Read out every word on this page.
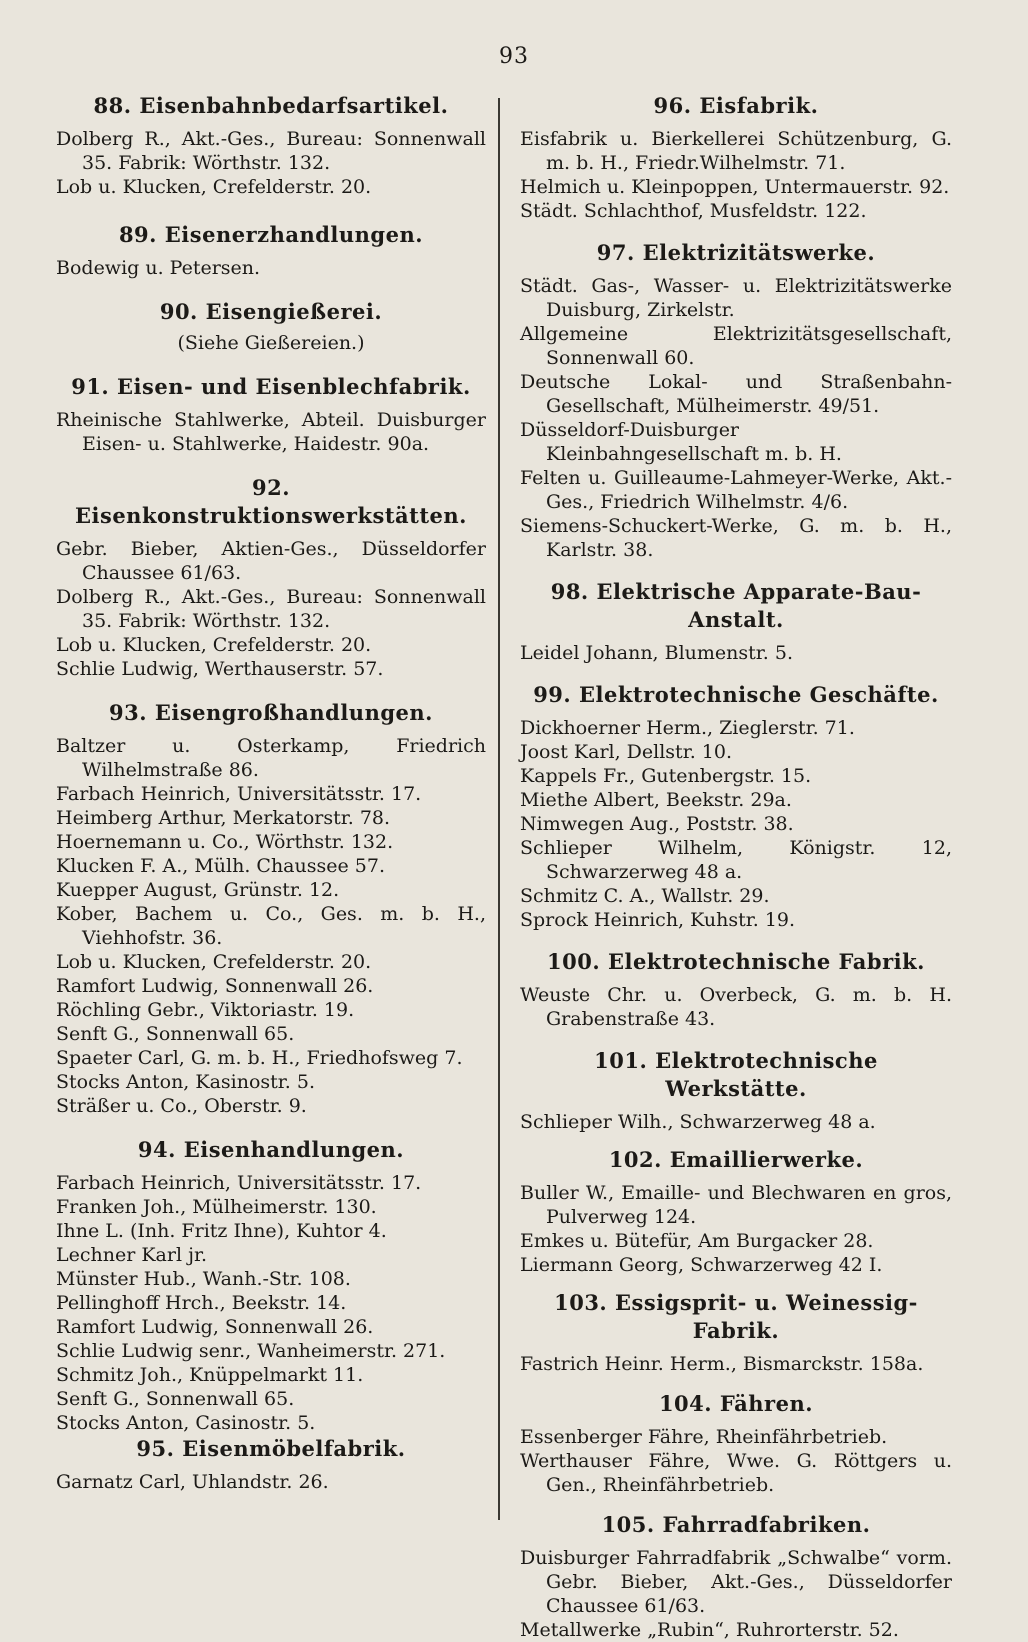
93
88. Eisenbahnbedarfsartikel.
Dolberg R., Akt.-Ges., Bureau: Sonnenwall 35. Fabrik: Wörthstr. 132.
Lob u. Klucken, Crefelderstr. 20.
89. Eisenerzhandlungen.
Bodewig u. Petersen.
90. Eisengießerei.
(Siehe Gießereien.)
91. Eisen- und Eisenblechfabrik.
Rheinische Stahlwerke, Abteil. Duisburger Eisen- u. Stahlwerke, Haidestr. 90a.
92. Eisenkonstruktionswerkstätten.
Gebr. Bieber, Aktien-Ges., Düsseldorfer Chaussee 61/63.
Dolberg R., Akt.-Ges., Bureau: Sonnenwall 35. Fabrik: Wörthstr. 132.
Lob u. Klucken, Crefelderstr. 20.
Schlie Ludwig, Werthauserstr. 57.
93. Eisengroßhandlungen.
Baltzer u. Osterkamp, Friedrich Wilhelmstraße 86.
Farbach Heinrich, Universitätsstr. 17.
Heimberg Arthur, Merkatorstr. 78.
Hoernemann u. Co., Wörthstr. 132.
Klucken F. A., Mülh. Chaussee 57.
Kuepper August, Grünstr. 12.
Kober, Bachem u. Co., Ges. m. b. H., Viehhofstr. 36.
Lob u. Klucken, Crefelderstr. 20.
Ramfort Ludwig, Sonnenwall 26.
Röchling Gebr., Viktoriastr. 19.
Senft G., Sonnenwall 65.
Spaeter Carl, G. m. b. H., Friedhofsweg 7.
Stocks Anton, Kasinostr. 5.
Sträßer u. Co., Oberstr. 9.
94. Eisenhandlungen.
Farbach Heinrich, Universitätsstr. 17.
Franken Joh., Mülheimerstr. 130.
Ihne L. (Inh. Fritz Ihne), Kuhtor 4.
Lechner Karl jr.
Münster Hub., Wanh.-Str. 108.
Pellinghoff Hrch., Beekstr. 14.
Ramfort Ludwig, Sonnenwall 26.
Schlie Ludwig senr., Wanheimerstr. 271.
Schmitz Joh., Knüppelmarkt 11.
Senft G., Sonnenwall 65.
Stocks Anton, Casinostr. 5.
95. Eisenmöbelfabrik.
Garnatz Carl, Uhlandstr. 26.
96. Eisfabrik.
Eisfabrik u. Bierkellerei Schützenburg, G. m. b. H., Friedr.Wilhelmstr. 71.
Helmich u. Kleinpoppen, Untermauerstr. 92.
Städt. Schlachthof, Musfeldstr. 122.
97. Elektrizitätswerke.
Städt. Gas-, Wasser- u. Elektrizitätswerke Duisburg, Zirkelstr.
Allgemeine Elektrizitätsgesellschaft, Sonnenwall 60.
Deutsche Lokal- und Straßenbahn-Gesellschaft, Mülheimerstr. 49/51.
Düsseldorf-Duisburger Kleinbahngesellschaft m. b. H.
Felten u. Guilleaume-Lahmeyer-Werke, Akt.-Ges., Friedrich Wilhelmstr. 4/6.
Siemens-Schuckert-Werke, G. m. b. H., Karlstr. 38.
98. Elektrische Apparate-Bau-Anstalt.
Leidel Johann, Blumenstr. 5.
99. Elektrotechnische Geschäfte.
Dickhoerner Herm., Zieglerstr. 71.
Joost Karl, Dellstr. 10.
Kappels Fr., Gutenbergstr. 15.
Miethe Albert, Beekstr. 29a.
Nimwegen Aug., Poststr. 38.
Schlieper Wilhelm, Königstr. 12, Schwarzerweg 48 a.
Schmitz C. A., Wallstr. 29.
Sprock Heinrich, Kuhstr. 19.
100. Elektrotechnische Fabrik.
Weuste Chr. u. Overbeck, G. m. b. H. Grabenstraße 43.
101. Elektrotechnische Werkstätte.
Schlieper Wilh., Schwarzerweg 48 a.
102. Emaillierwerke.
Buller W., Emaille- und Blechwaren en gros, Pulverweg 124.
Emkes u. Bütefür, Am Burgacker 28.
Liermann Georg, Schwarzerweg 42 I.
103. Essigsprit- u. Weinessig-Fabrik.
Fastrich Heinr. Herm., Bismarckstr. 158a.
104. Fähren.
Essenberger Fähre, Rheinfährbetrieb.
Werthauser Fähre, Wwe. G. Röttgers u. Gen., Rheinfährbetrieb.
105. Fahrradfabriken.
Duisburger Fahrradfabrik „Schwalbe“ vorm. Gebr. Bieber, Akt.-Ges., Düsseldorfer Chaussee 61/63.
Metallwerke „Rubin“, Ruhrorterstr. 52.
